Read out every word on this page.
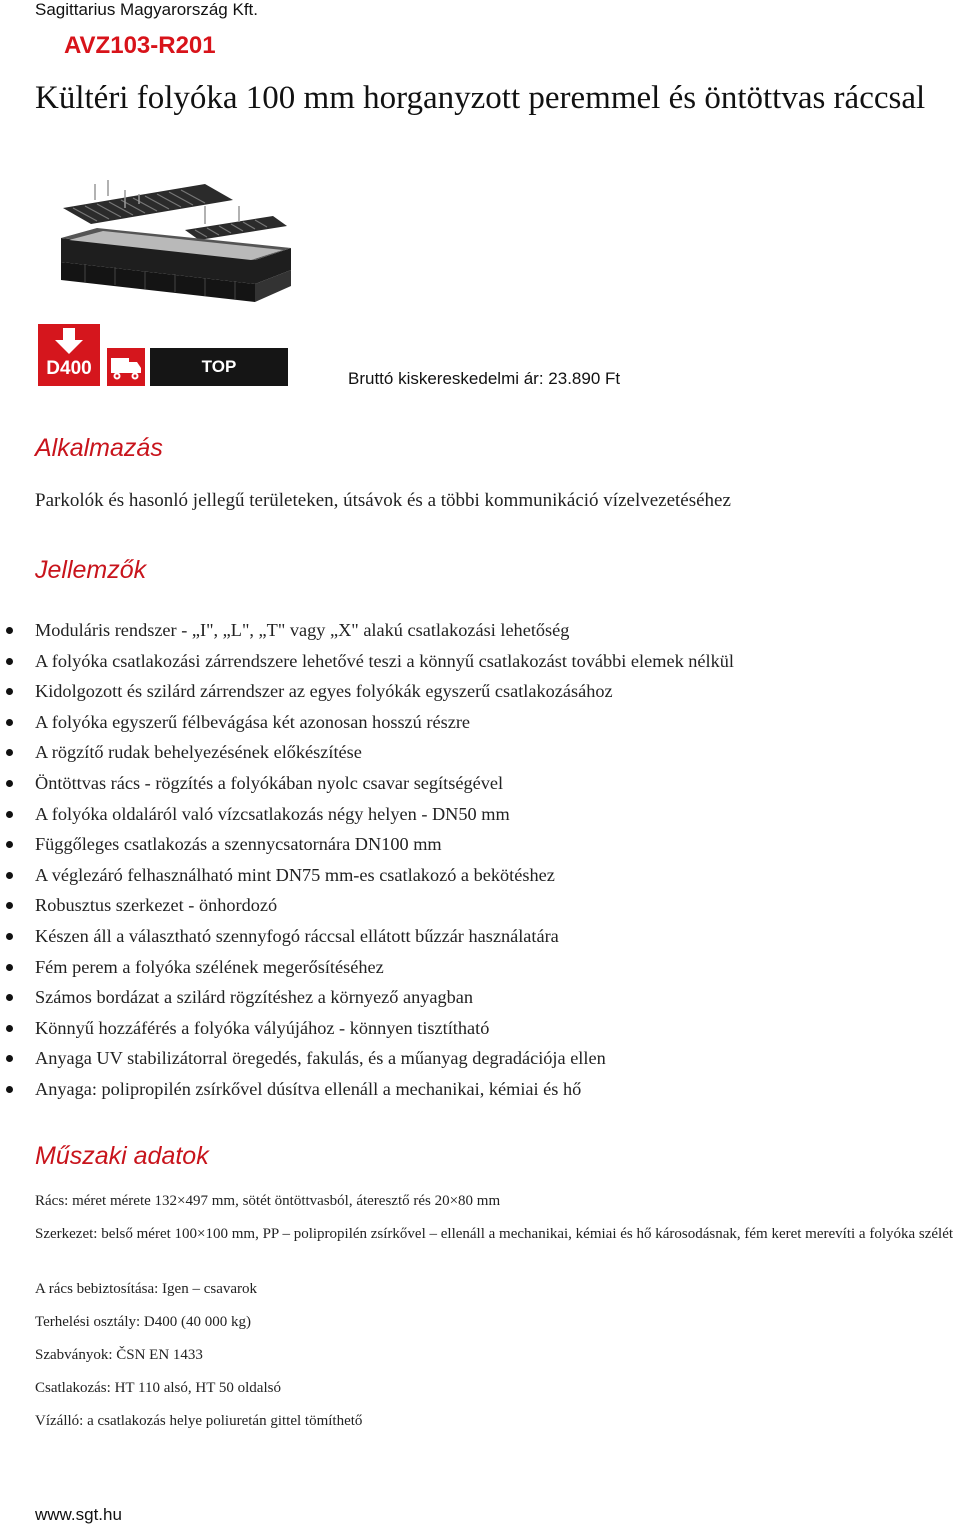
Sagittarius Magyarország Kft.
AVZ103-R201
Kültéri folyóka 100 mm horganyzott peremmel és öntöttvas ráccsal
D400	TOP
Bruttó kiskereskedelmi ár: 23.890 Ft
Alkalmazás
Parkolók és hasonló jellegű területeken, útsávok és a többi kommunikáció vízelvezetéséhez
Jellemzők
Moduláris rendszer - „I", „L", „T" vagy „X" alakú csatlakozási lehetőség
A folyóka csatlakozási zárrendszere lehetővé teszi a könnyű csatlakozást további elemek nélkül
Kidolgozott és szilárd zárrendszer az egyes folyókák egyszerű csatlakozásához
A folyóka egyszerű félbevágása két azonosan hosszú részre
A rögzítő rudak behelyezésének előkészítése
Öntöttvas rács - rögzítés a folyókában nyolc csavar segítségével
A folyóka oldaláról való vízcsatlakozás négy helyen - DN50 mm
Függőleges csatlakozás a szennycsatornára DN100 mm
A véglezáró felhasználható mint DN75 mm-es csatlakozó a bekötéshez
Robusztus szerkezet - önhordozó
Készen áll a választható szennyfogó ráccsal ellátott bűzzár használatára
Fém perem a folyóka szélének megerősítéséhez
Számos bordázat a szilárd rögzítéshez a környező anyagban
Könnyű hozzáférés a folyóka vályújához - könnyen tisztítható
Anyaga UV stabilizátorral öregedés, fakulás, és a műanyag degradációja ellen
Anyaga: polipropilén zsírkővel dúsítva ellenáll a mechanikai, kémiai és hő
Műszaki adatok
Rács: méret mérete 132×497 mm, sötét öntöttvasból, áteresztő rés 20×80 mm
Szerkezet: belső méret 100×100 mm, PP – polipropilén zsírkővel – ellenáll a mechanikai, kémiai és hő károsodásnak, fém keret merevíti a folyóka szélét
A rács bebiztosítása: Igen – csavarok
Terhelési osztály: D400 (40 000 kg)
Szabványok: ČSN EN 1433
Csatlakozás: HT 110 alsó, HT 50 oldalsó
Vízálló: a csatlakozás helye poliuretán gittel tömíthető
www.sgt.hu
